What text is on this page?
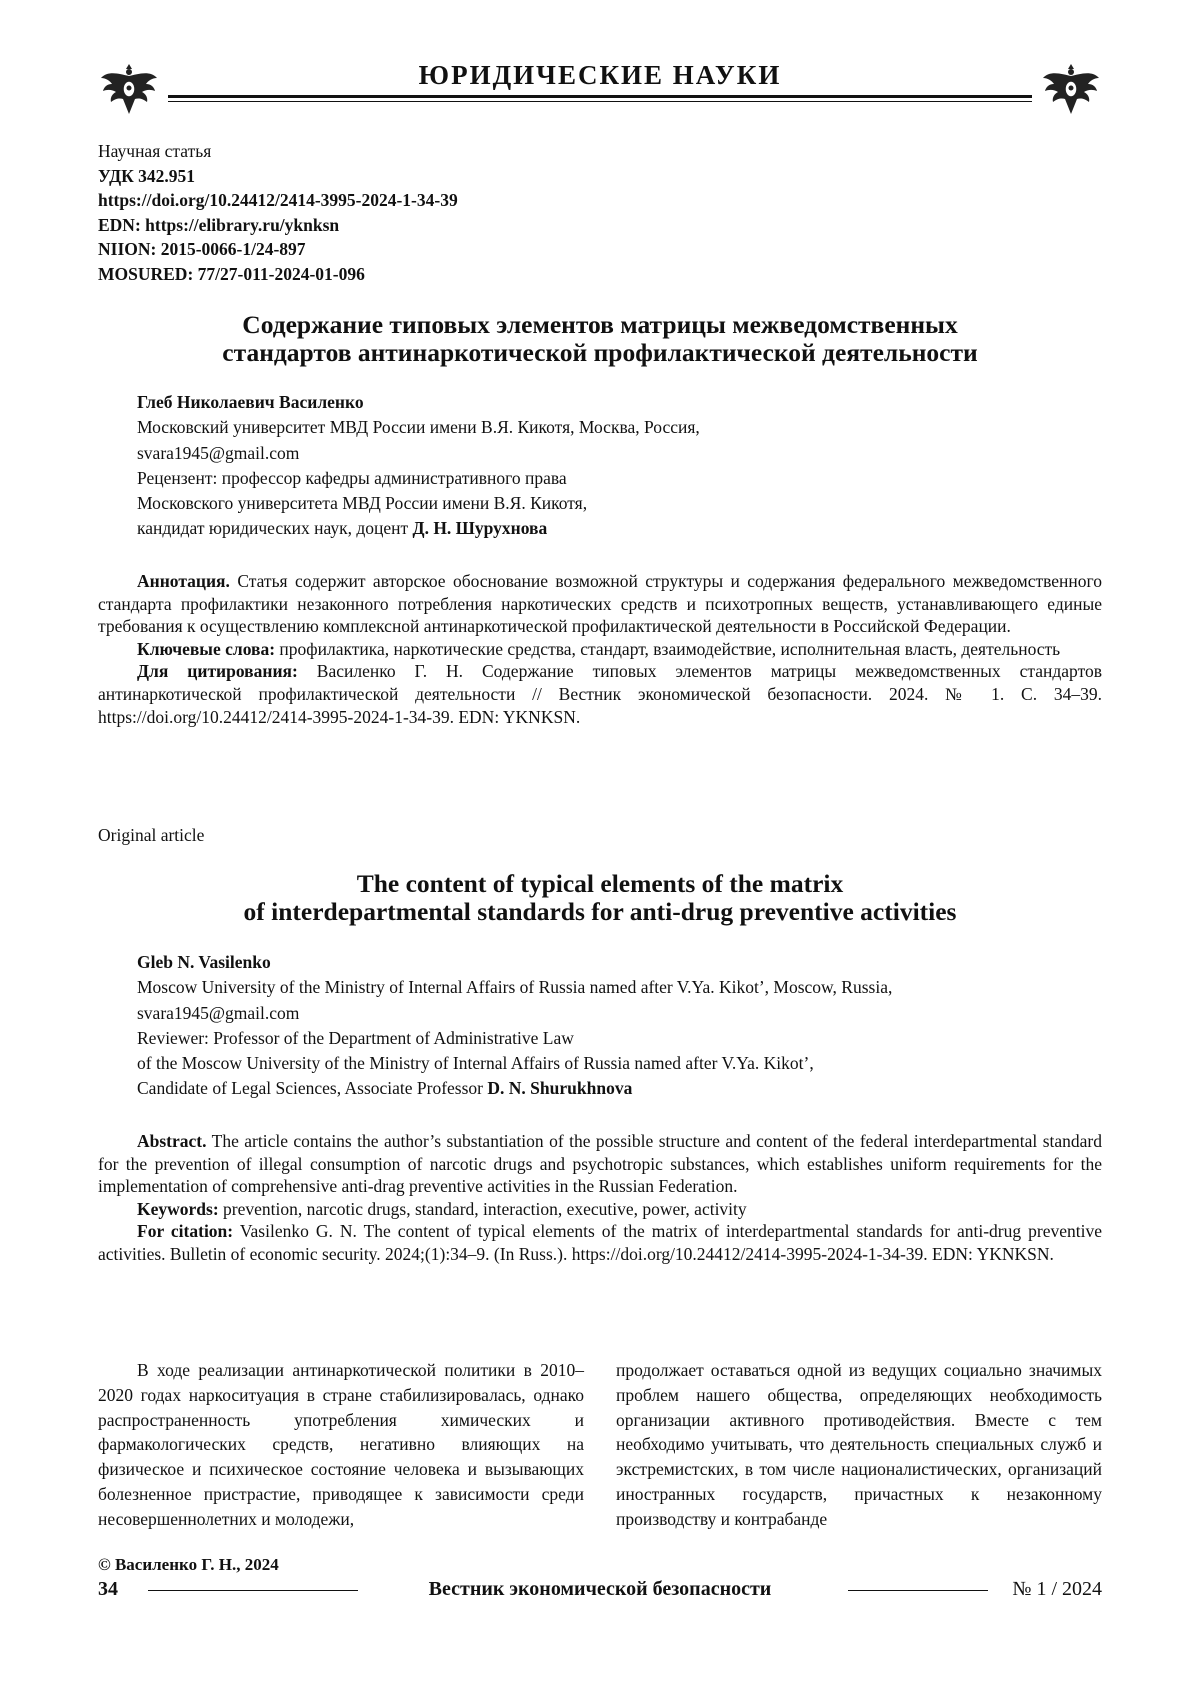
ЮРИДИЧЕСКИЕ НАУКИ
Научная статья
УДК 342.951
https://doi.org/10.24412/2414-3995-2024-1-34-39
EDN: https://elibrary.ru/yknksn
NIION: 2015-0066-1/24-897
MOSURED: 77/27-011-2024-01-096
Содержание типовых элементов матрицы межведомственных
стандартов антинаркотической профилактической деятельности
Глеб Николаевич Василенко
Московский университет МВД России имени В.Я. Кикотя, Москва, Россия,
svara1945@gmail.com
Рецензент: профессор кафедры административного права
Московского университета МВД России имени В.Я. Кикотя,
кандидат юридических наук, доцент Д. Н. Шурухнова

Аннотация. Статья содержит авторское обоснование возможной структуры и содержания федерального межведомственного стандарта профилактики незаконного потребления наркотических средств и психотропных веществ, устанавливающего единые требования к осуществлению комплексной антинаркотической профилактической деятельности в Российской Федерации.

Ключевые слова: профилактика, наркотические средства, стандарт, взаимодействие, исполнительная власть, деятельность

Для цитирования: Василенко Г. Н. Содержание типовых элементов матрицы межведомственных стандартов антинаркотической профилактической деятельности // Вестник экономической безопасности. 2024. № 1. С. 34–39. https://doi.org/10.24412/2414-3995-2024-1-34-39. EDN: YKNKSN.

Original article
The content of typical elements of the matrix
of interdepartmental standards for anti-drug preventive activities
Gleb N. Vasilenko
Moscow University of the Ministry of Internal Affairs of Russia named after V.Ya. Kikot’, Moscow, Russia,
svara1945@gmail.com
Reviewer: Professor of the Department of Administrative Law
of the Moscow University of the Ministry of Internal Affairs of Russia named after V.Ya. Kikot’,
Candidate of Legal Sciences, Associate Professor D. N. Shurukhnova

Abstract. The article contains the author’s substantiation of the possible structure and content of the federal interdepartmental standard for the prevention of illegal consumption of narcotic drugs and psychotropic substances, which establishes uniform requirements for the implementation of comprehensive anti-drag preventive activities in the Russian Federation.

Keywords: prevention, narcotic drugs, standard, interaction, executive, power, activity

For citation: Vasilenko G. N. The content of typical elements of the matrix of interdepartmental standards for anti-drug preventive activities. Bulletin of economic security. 2024;(1):34–9. (In Russ.). https://doi.org/10.24412/2414-3995-2024-1-34-39. EDN: YKNKSN.

В ходе реализации антинаркотической политики в 2010–2020 годах наркоситуация в стране стабилизировалась, однако распространенность употребления химических и фармакологических средств, негативно влияющих на физическое и психическое состояние человека и вызывающих болезненное пристрастие, приводящее к зависимости среди несовершеннолетних и молодежи,

продолжает оставаться одной из ведущих социально значимых проблем нашего общества, определяющих необходимость организации активного противодействия. Вместе с тем необходимо учитывать, что деятельность специальных служб и экстремистских, в том числе националистических, организаций иностранных государств, причастных к незаконному производству и контрабанде

© Василенко Г. Н., 2024
34	Вестник экономической безопасности	№ 1 / 2024
